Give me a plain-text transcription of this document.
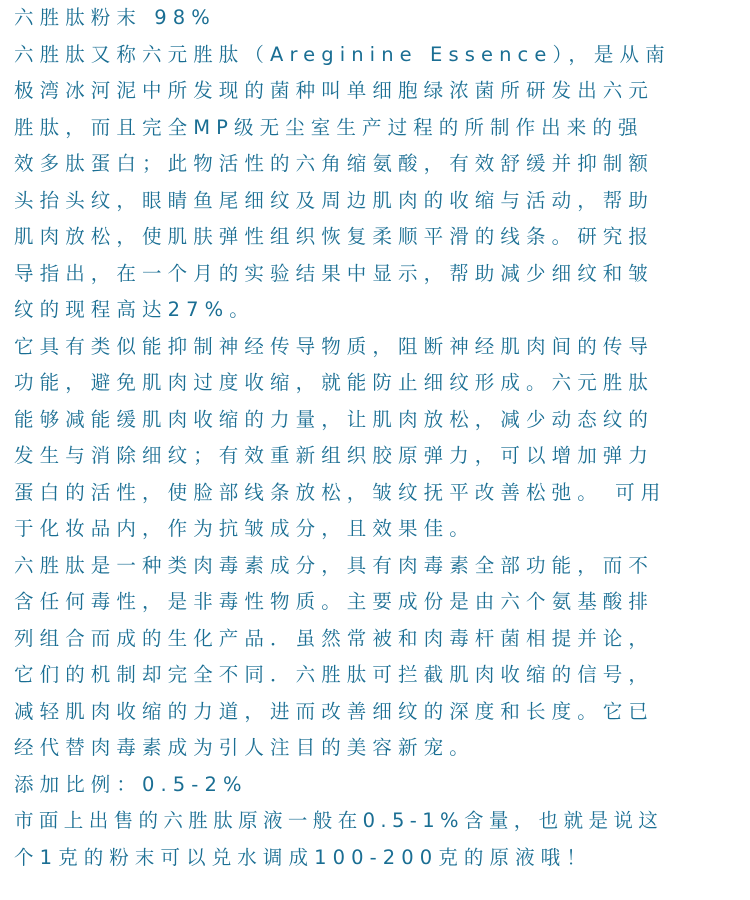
六胜肽粉末 98%
六胜肽又称六元胜肽（Areginine Essence），是从南
极湾冰河泥中所发现的菌种叫单细胞绿浓菌所研发出六元
胜肽，而且完全MP级无尘室生产过程的所制作出来的强
效多肽蛋白；此物活性的六角缩氨酸，有效舒缓并抑制额
头抬头纹，眼睛鱼尾细纹及周边肌肉的收缩与活动，帮助
肌肉放松，使肌肤弹性组织恢复柔顺平滑的线条。研究报
导指出，在一个月的实验结果中显示，帮助减少细纹和皱
纹的现程高达27%。
它具有类似能抑制神经传导物质，阻断神经肌肉间的传导
功能，避免肌肉过度收缩，就能防止细纹形成。六元胜肽
能够减能缓肌肉收缩的力量，让肌肉放松，减少动态纹的
发生与消除细纹；有效重新组织胶原弹力，可以增加弹力
蛋白的活性，使脸部线条放松，皱纹抚平改善松弛。 可用
于化妆品内，作为抗皱成分，且效果佳。
六胜肽是一种类肉毒素成分，具有肉毒素全部功能，而不
含任何毒性，是非毒性物质。主要成份是由六个氨基酸排
列组合而成的生化产品．虽然常被和肉毒杆菌相提并论，
它们的机制却完全不同．六胜肽可拦截肌肉收缩的信号，
减轻肌肉收缩的力道，进而改善细纹的深度和长度。它已
经代替肉毒素成为引人注目的美容新宠。
添加比例：0.5-2%
市面上出售的六胜肽原液一般在0.5-1%含量，也就是说这
个1克的粉末可以兑水调成100-200克的原液哦！
